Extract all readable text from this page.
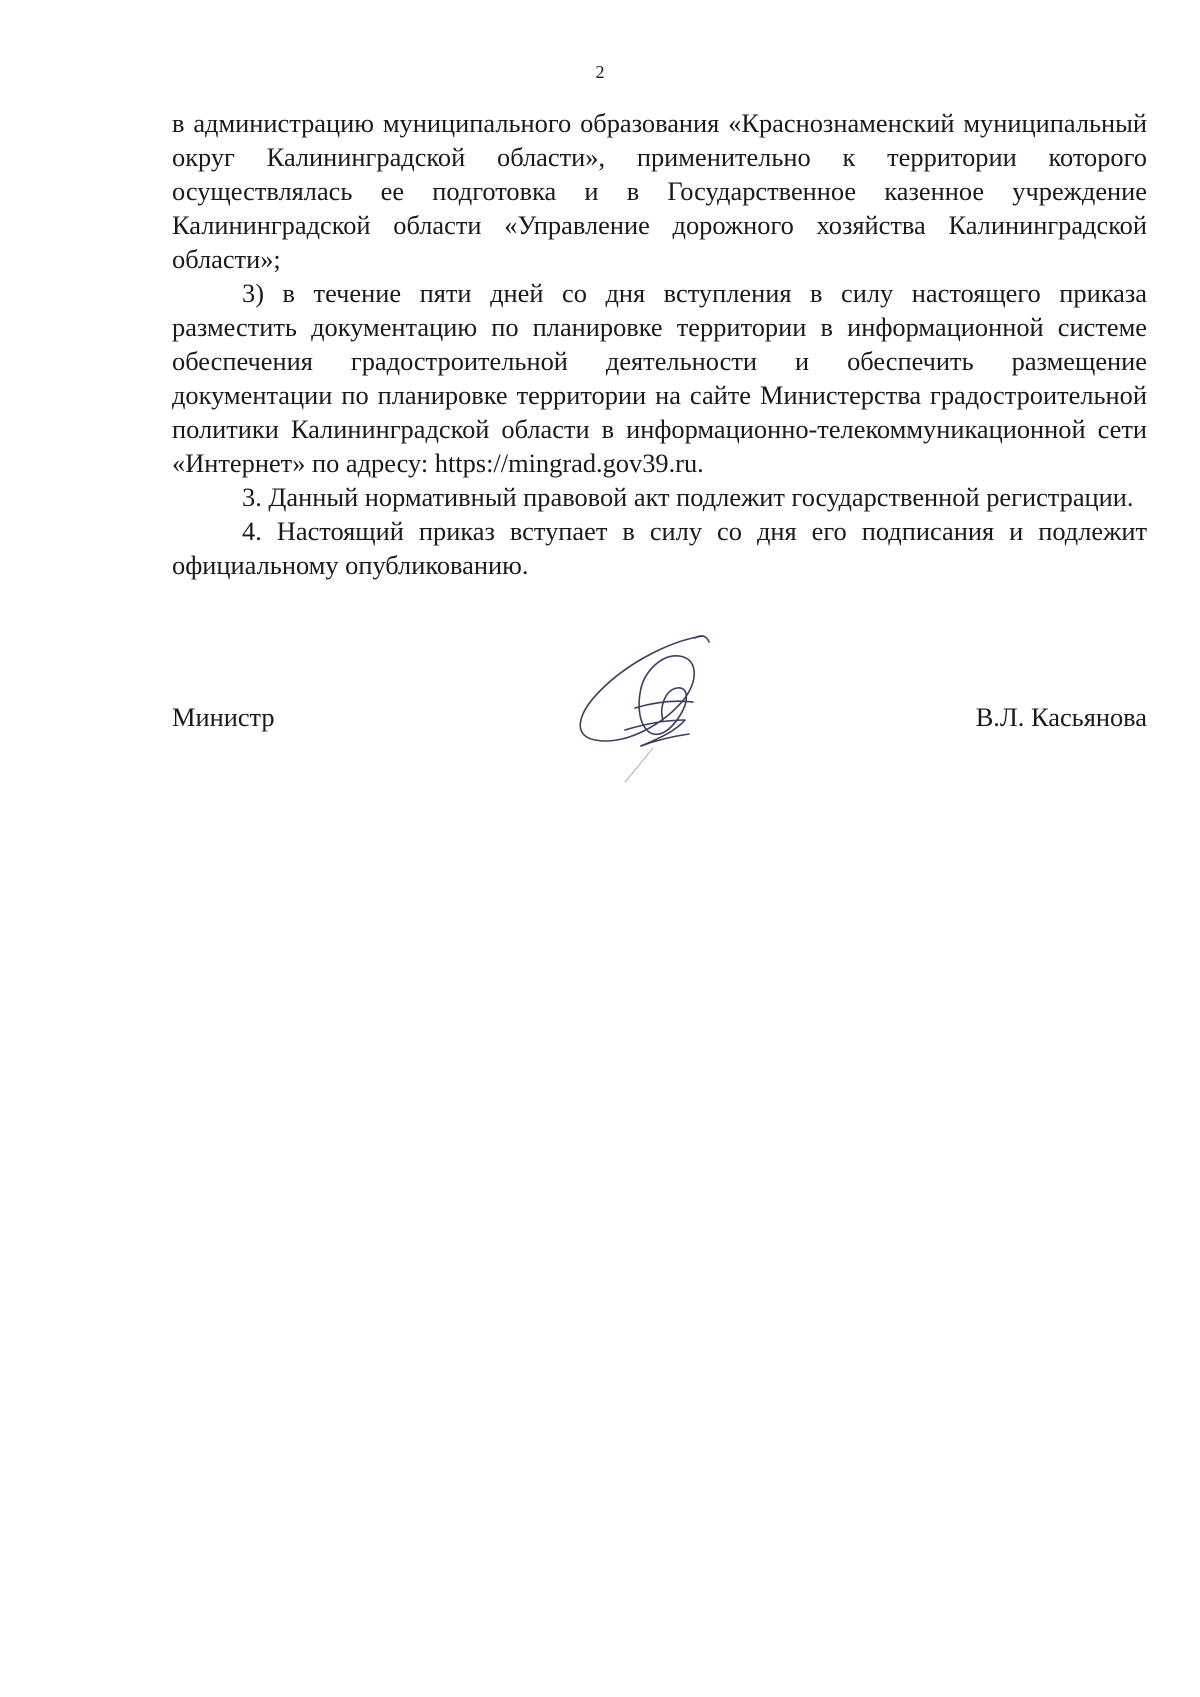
2

в администрацию муниципального образования «Краснознаменский муниципальный округ Калининградской области», применительно к территории которого осуществлялась ее подготовка и в Государственное казенное учреждение Калининградской области «Управление дорожного хозяйства Калининградской области»;

3) в течение пяти дней со дня вступления в силу настоящего приказа разместить документацию по планировке территории в информационной системе обеспечения градостроительной деятельности и обеспечить размещение документации по планировке территории на сайте Министерства градостроительной политики Калининградской области в информационно-телекоммуникационной сети «Интернет» по адресу: https://mingrad.gov39.ru.

3. Данный нормативный правовой акт подлежит государственной регистрации.

4. Настоящий приказ вступает в силу со дня его подписания и подлежит официальному опубликованию.

Министр	В.Л. Касьянова
